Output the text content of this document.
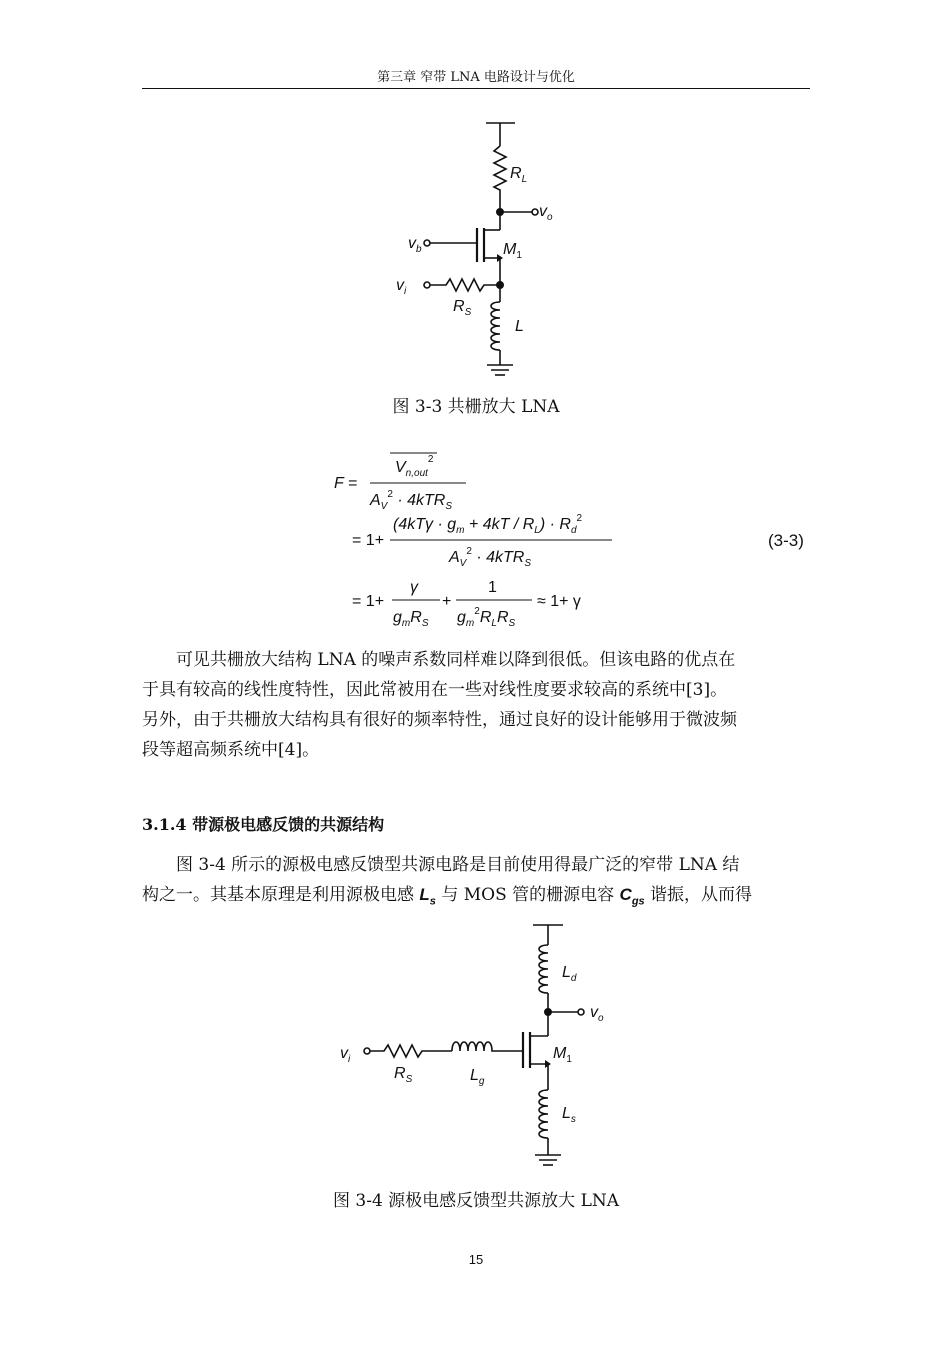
第三章 窄带 LNA 电路设计与优化
$R_L$
$v_o$
$v_b$	$M_1$
$v_i$
$R_S$
L
图 3-3 共栅放大 LNA
F =
$V_{n,out}^2$
$A_V^2 \cdot 4kTR_S$
= 1+
$(4kT\gamma \cdot g_m + 4kT / R_L) \cdot R_d^2$
$A_V^2 \cdot 4kTR_S$
= 1+
γ
$g_mR_S$
+
1
$g_m^2R_LR_S$
≈ 1+ γ
(3-3)
可见共栅放大结构 LNA 的噪声系数同样难以降到很低。但该电路的优点在
于具有较高的线性度特性，因此常被用在一些对线性度要求较高的系统中[3]。
另外，由于共栅放大结构具有很好的频率特性，通过良好的设计能够用于微波频
段等超高频系统中[4]。
3.1.4 带源极电感反馈的共源结构
图 3-4 所示的源极电感反馈型共源电路是目前使用得最广泛的窄带 LNA 结
构之一。其基本原理是利用源极电感 $L_s$ 与 MOS 管的栅源电容 $C_{gs}$ 谐振，从而得
$L_d$
$v_o$
$v_i$
$R_S$	$L_g$
$M_1$
$L_s$
图 3-4 源极电感反馈型共源放大 LNA
15
